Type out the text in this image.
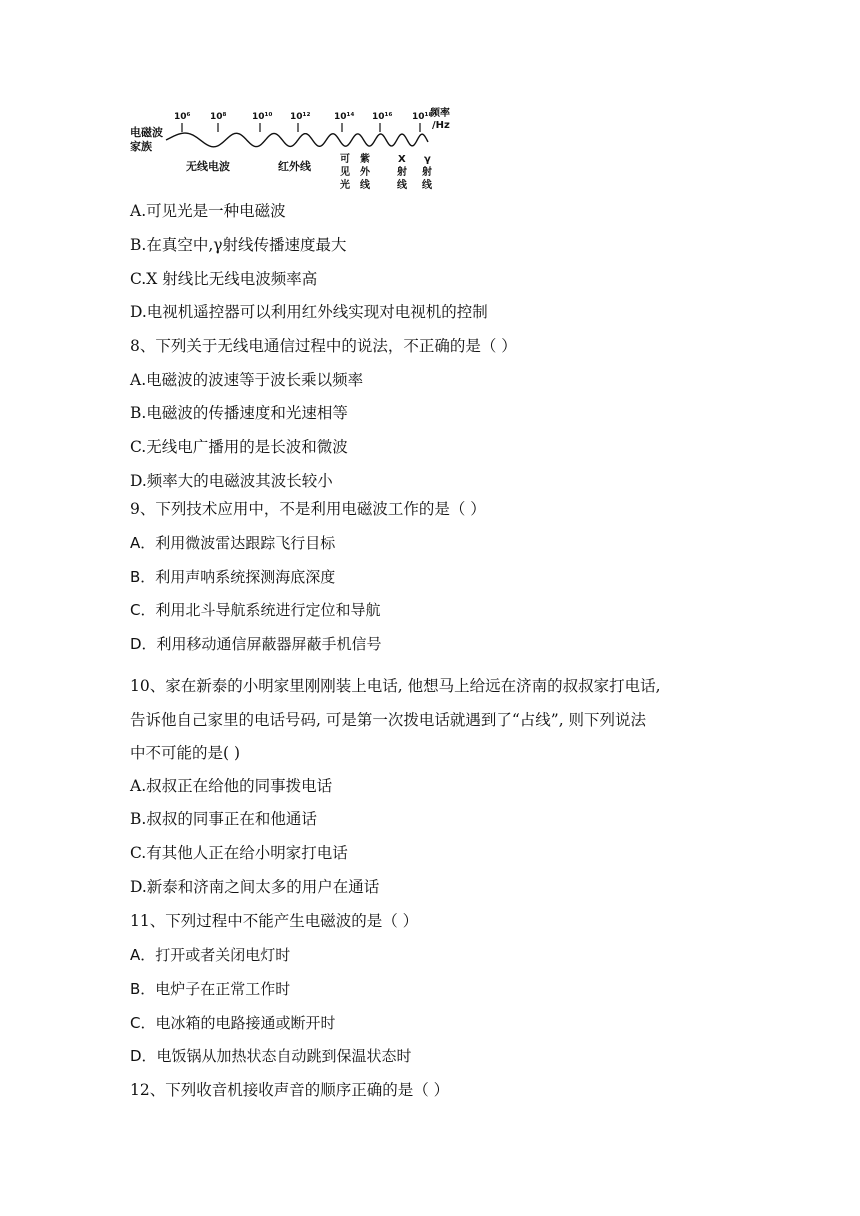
电磁波
家族
频率
/Hz
10⁶ 10⁸	10¹⁰ 10¹²	10¹⁴ 10¹⁶ 10¹⁸
无线电波	红外线
可
见
光
紫
外
线
X
射
线
γ
射
线
A.可见光是一种电磁波
B.在真空中,γ射线传播速度最大
C.X 射线比无线电波频率高
D.电视机遥控器可以利用红外线实现对电视机的控制
8、下列关于无线电通信过程中的说法，不正确的是（ ）
A.电磁波的波速等于波长乘以频率
B.电磁波的传播速度和光速相等
C.无线电广播用的是长波和微波
D.频率大的电磁波其波长较小
9、下列技术应用中，不是利用电磁波工作的是（ ）
A．利用微波雷达跟踪飞行目标
B．利用声呐系统探测海底深度
C．利用北斗导航系统进行定位和导航
D．利用移动通信屏蔽器屏蔽手机信号
10、家在新泰的小明家里刚刚装上电话, 他想马上给远在济南的叔叔家打电话,
告诉他自己家里的电话号码, 可是第一次拨电话就遇到了“占线”, 则下列说法
中不可能的是( )
A.叔叔正在给他的同事拨电话
B.叔叔的同事正在和他通话
C.有其他人正在给小明家打电话
D.新泰和济南之间太多的用户在通话
11、下列过程中不能产生电磁波的是（ ）
A．打开或者关闭电灯时
B．电炉子在正常工作时
C．电冰箱的电路接通或断开时
D．电饭锅从加热状态自动跳到保温状态时
12、下列收音机接收声音的顺序正确的是（ ）
